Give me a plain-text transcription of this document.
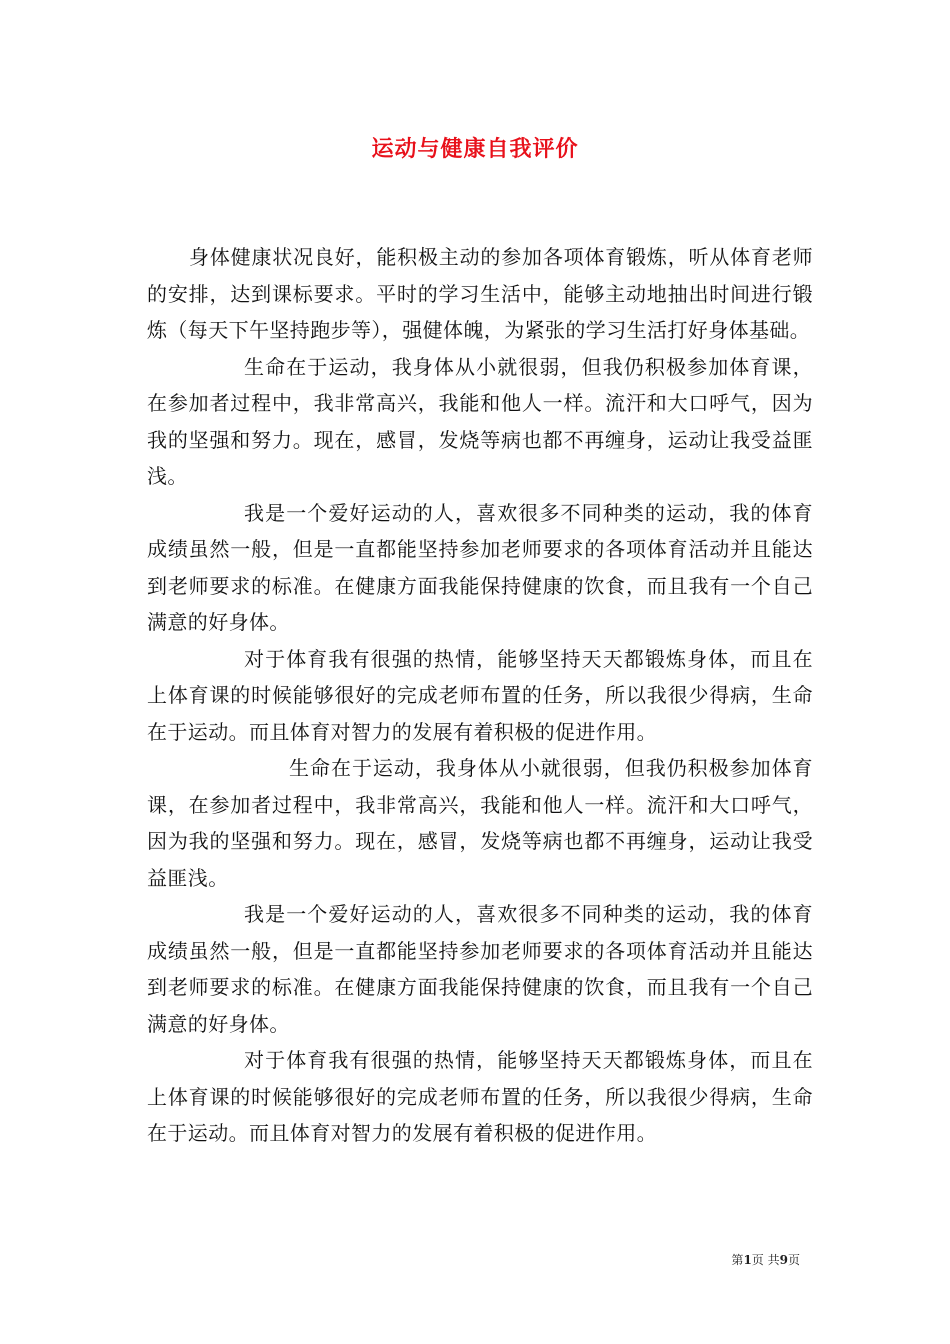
运动与健康自我评价

身体健康状况良好，能积极主动的参加各项体育锻炼，听从体育老师的安排，达到课标要求。平时的学习生活中，能够主动地抽出时间进行锻炼（每天下午坚持跑步等），强健体魄，为紧张的学习生活打好身体基础。

生命在于运动，我身体从小就很弱，但我仍积极参加体育课，在参加者过程中，我非常高兴，我能和他人一样。流汗和大口呼气，因为我的坚强和努力。现在，感冒，发烧等病也都不再缠身，运动让我受益匪浅。

我是一个爱好运动的人，喜欢很多不同种类的运动，我的体育成绩虽然一般，但是一直都能坚持参加老师要求的各项体育活动并且能达到老师要求的标准。在健康方面我能保持健康的饮食，而且我有一个自己满意的好身体。

对于体育我有很强的热情，能够坚持天天都锻炼身体，而且在上体育课的时候能够很好的完成老师布置的任务，所以我很少得病，生命在于运动。而且体育对智力的发展有着积极的促进作用。

生命在于运动，我身体从小就很弱，但我仍积极参加体育课，在参加者过程中，我非常高兴，我能和他人一样。流汗和大口呼气，因为我的坚强和努力。现在，感冒，发烧等病也都不再缠身，运动让我受益匪浅。

我是一个爱好运动的人，喜欢很多不同种类的运动，我的体育成绩虽然一般，但是一直都能坚持参加老师要求的各项体育活动并且能达到老师要求的标准。在健康方面我能保持健康的饮食，而且我有一个自己满意的好身体。

对于体育我有很强的热情，能够坚持天天都锻炼身体，而且在上体育课的时候能够很好的完成老师布置的任务，所以我很少得病，生命在于运动。而且体育对智力的发展有着积极的促进作用。

第1页 共9页
